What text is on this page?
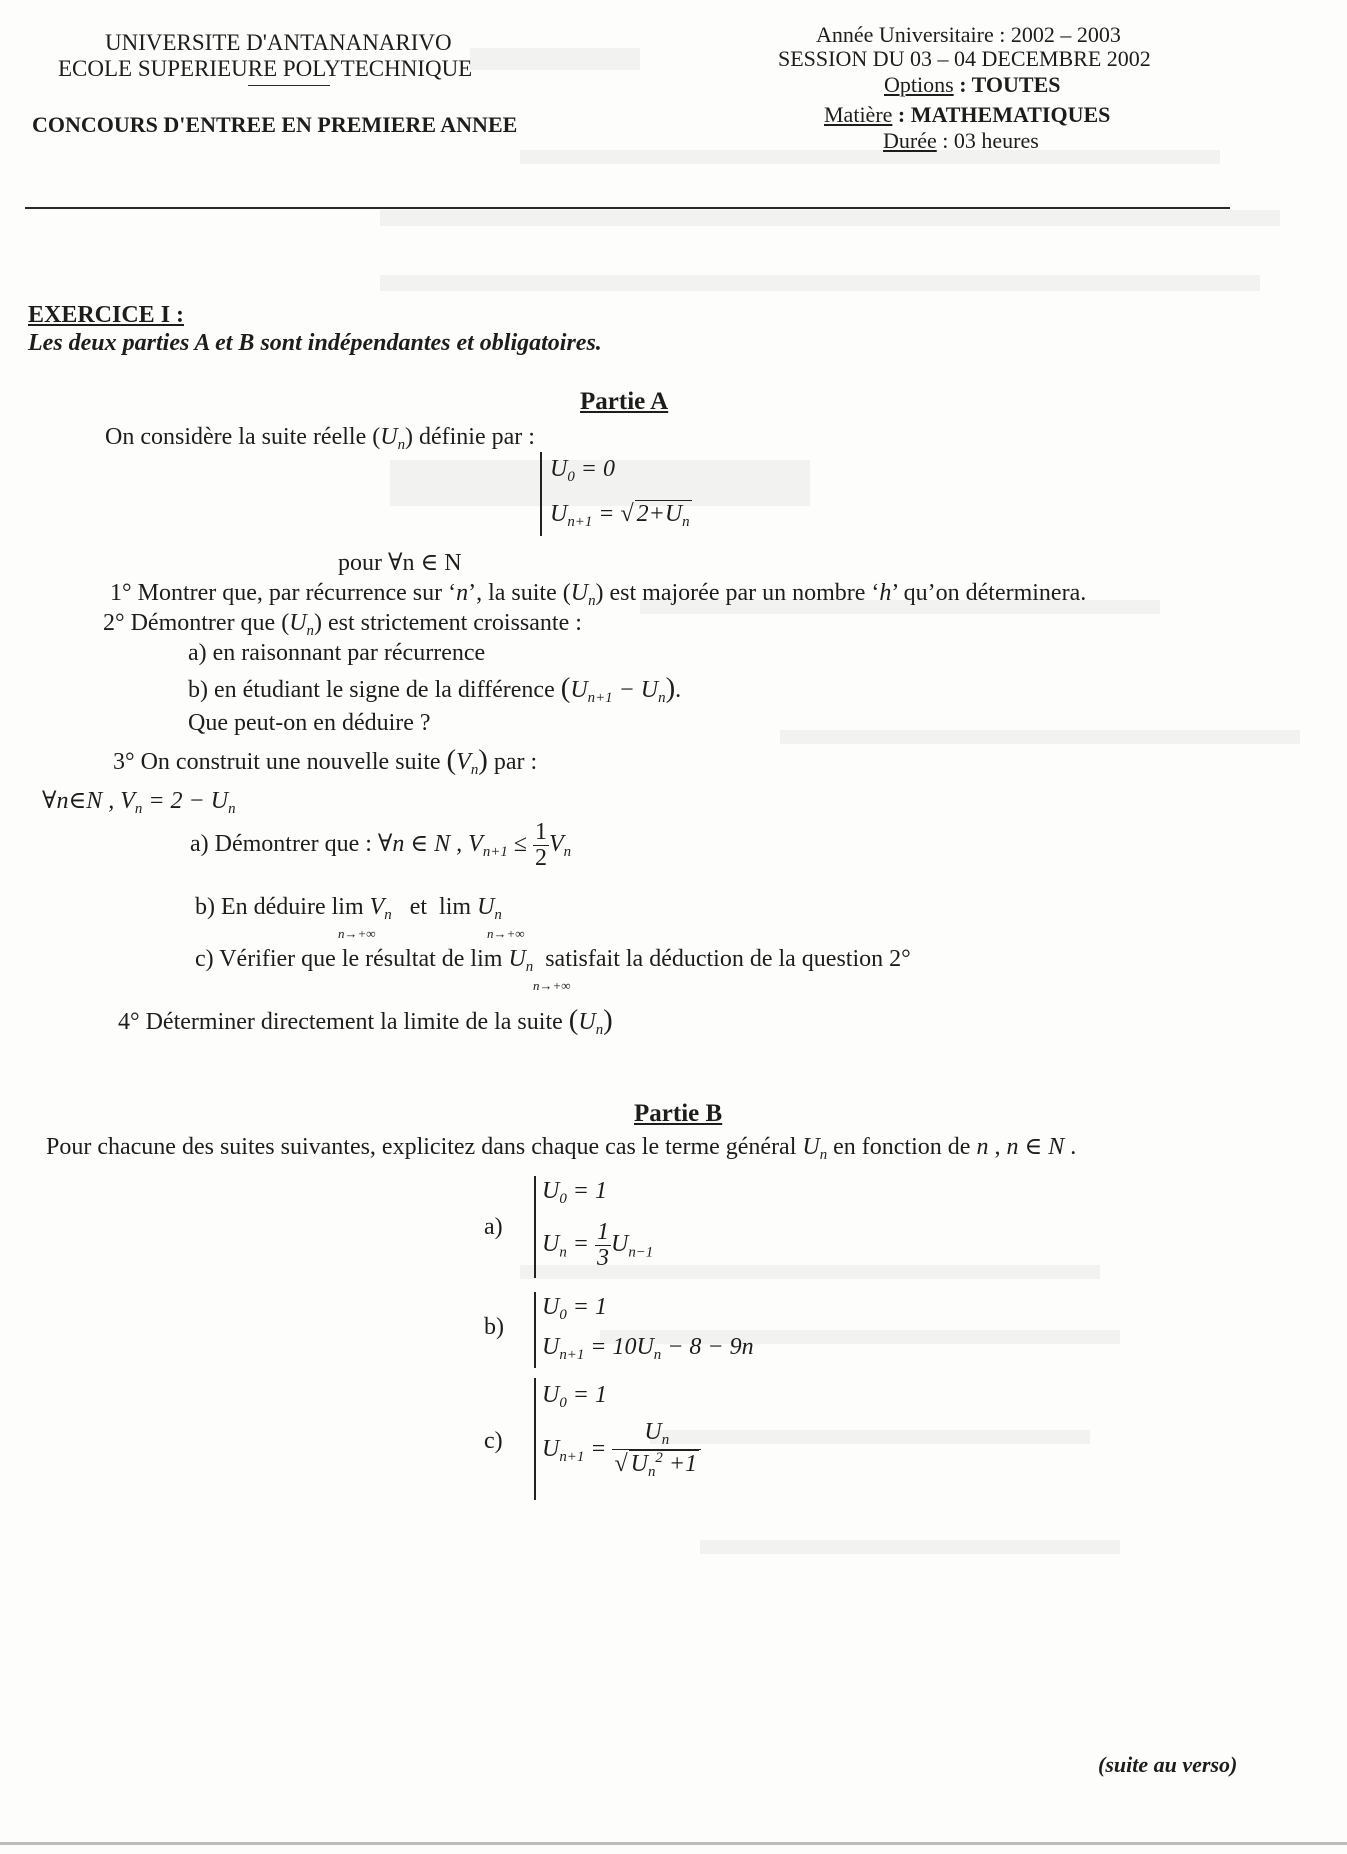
UNIVERSITE D'ANTANANARIVO
ECOLE SUPERIEURE POLYTECHNIQUE
CONCOURS D'ENTREE EN PREMIERE ANNEE
Année Universitaire : 2002 – 2003
SESSION DU 03 – 04 DECEMBRE 2002
Options : TOUTES
Matière : MATHEMATIQUES
Durée : 03 heures
EXERCICE I :
Les deux parties A et B sont indépendantes et obligatoires.
Partie A
On considère la suite réelle $(U_n)$ définie par :
$U_0 = 0$
$U_{n+1}$ = √ $2+U_n$
pour ∀n ∈ N
1° Montrer que, par récurrence sur ‘n’, la suite $(U_n)$ est majorée par un nombre ‘h’ qu’on déterminera.
2° Démontrer que $(U_n)$ est strictement croissante :
a) en raisonnant par récurrence
b) en étudiant le signe de la différence $(U_{n+1} - U_n)$.
Que peut-on en déduire ?
3° On construit une nouvelle suite $(V_n)$ par :
∀n∈N , $V_n = 2 - U_n$
a) Démontrer que : ∀n ∈ N , $V_{n+1} \le \frac{1}{2} V_n$
b) En déduire $\lim V_n$   et  $\lim U_n$
n→+∞	n→+∞
c) Vérifier que le résultat de $\lim U_n$  satisfait la déduction de la question 2°
n→+∞
4° Déterminer directement la limite de la suite $(U_n)$
Partie B
Pour chacune des suites suivantes, explicitez dans chaque cas le terme général $U_n$ en fonction de n , n ∈ N .
a)
$U_0 = 1$
$U_n = \frac{1}{3} U_{n-1}$
b)
$U_0 = 1$
$U_{n+1} = 10U_n - 8 - 9n$
c)
$U_0 = 1$
$U_{n+1} = \frac{U_n}{√ U_n^2 +1}$
(suite au verso)
